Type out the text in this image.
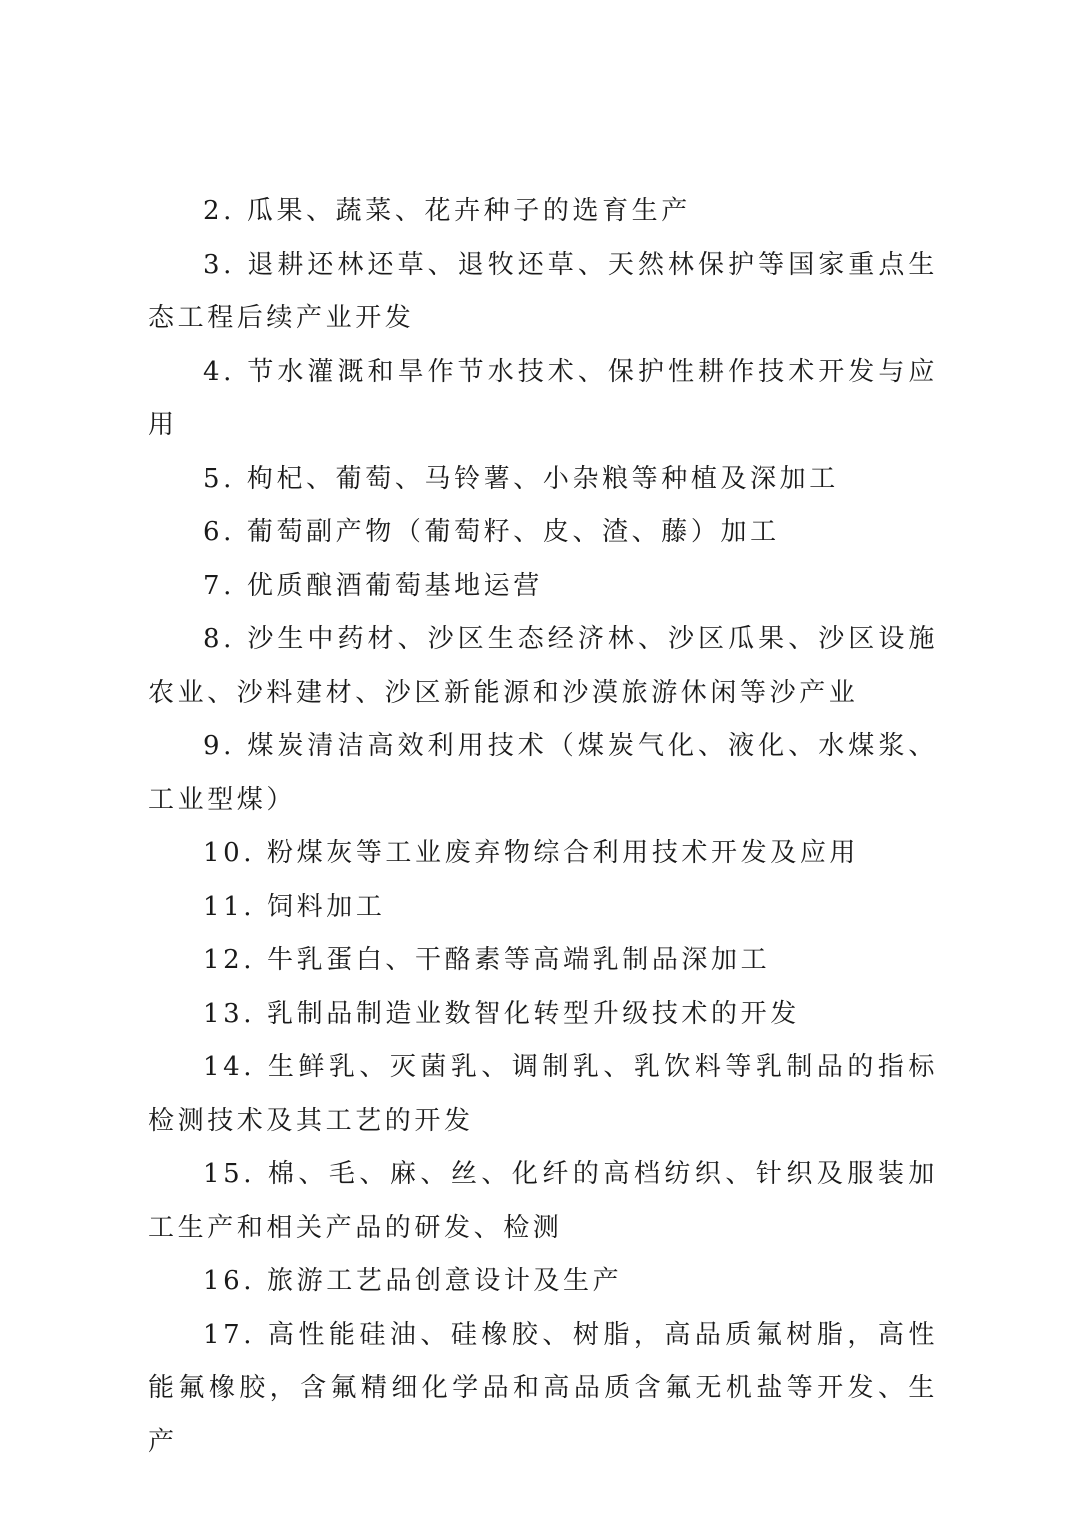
2. 瓜果、蔬菜、花卉种子的选育生产

3. 退耕还林还草、退牧还草、天然林保护等国家重点生态工程后续产业开发

4. 节水灌溉和旱作节水技术、保护性耕作技术开发与应用

5. 枸杞、葡萄、马铃薯、小杂粮等种植及深加工

6. 葡萄副产物（葡萄籽、皮、渣、藤）加工

7. 优质酿酒葡萄基地运营

8. 沙生中药材、沙区生态经济林、沙区瓜果、沙区设施农业、沙料建材、沙区新能源和沙漠旅游休闲等沙产业

9. 煤炭清洁高效利用技术（煤炭气化、液化、水煤浆、工业型煤）

10. 粉煤灰等工业废弃物综合利用技术开发及应用

11. 饲料加工

12. 牛乳蛋白、干酪素等高端乳制品深加工

13. 乳制品制造业数智化转型升级技术的开发

14. 生鲜乳、灭菌乳、调制乳、乳饮料等乳制品的指标检测技术及其工艺的开发

15. 棉、毛、麻、丝、化纤的高档纺织、针织及服装加工生产和相关产品的研发、检测

16. 旅游工艺品创意设计及生产

17. 高性能硅油、硅橡胶、树脂，高品质氟树脂，高性能氟橡胶，含氟精细化学品和高品质含氟无机盐等开发、生产
